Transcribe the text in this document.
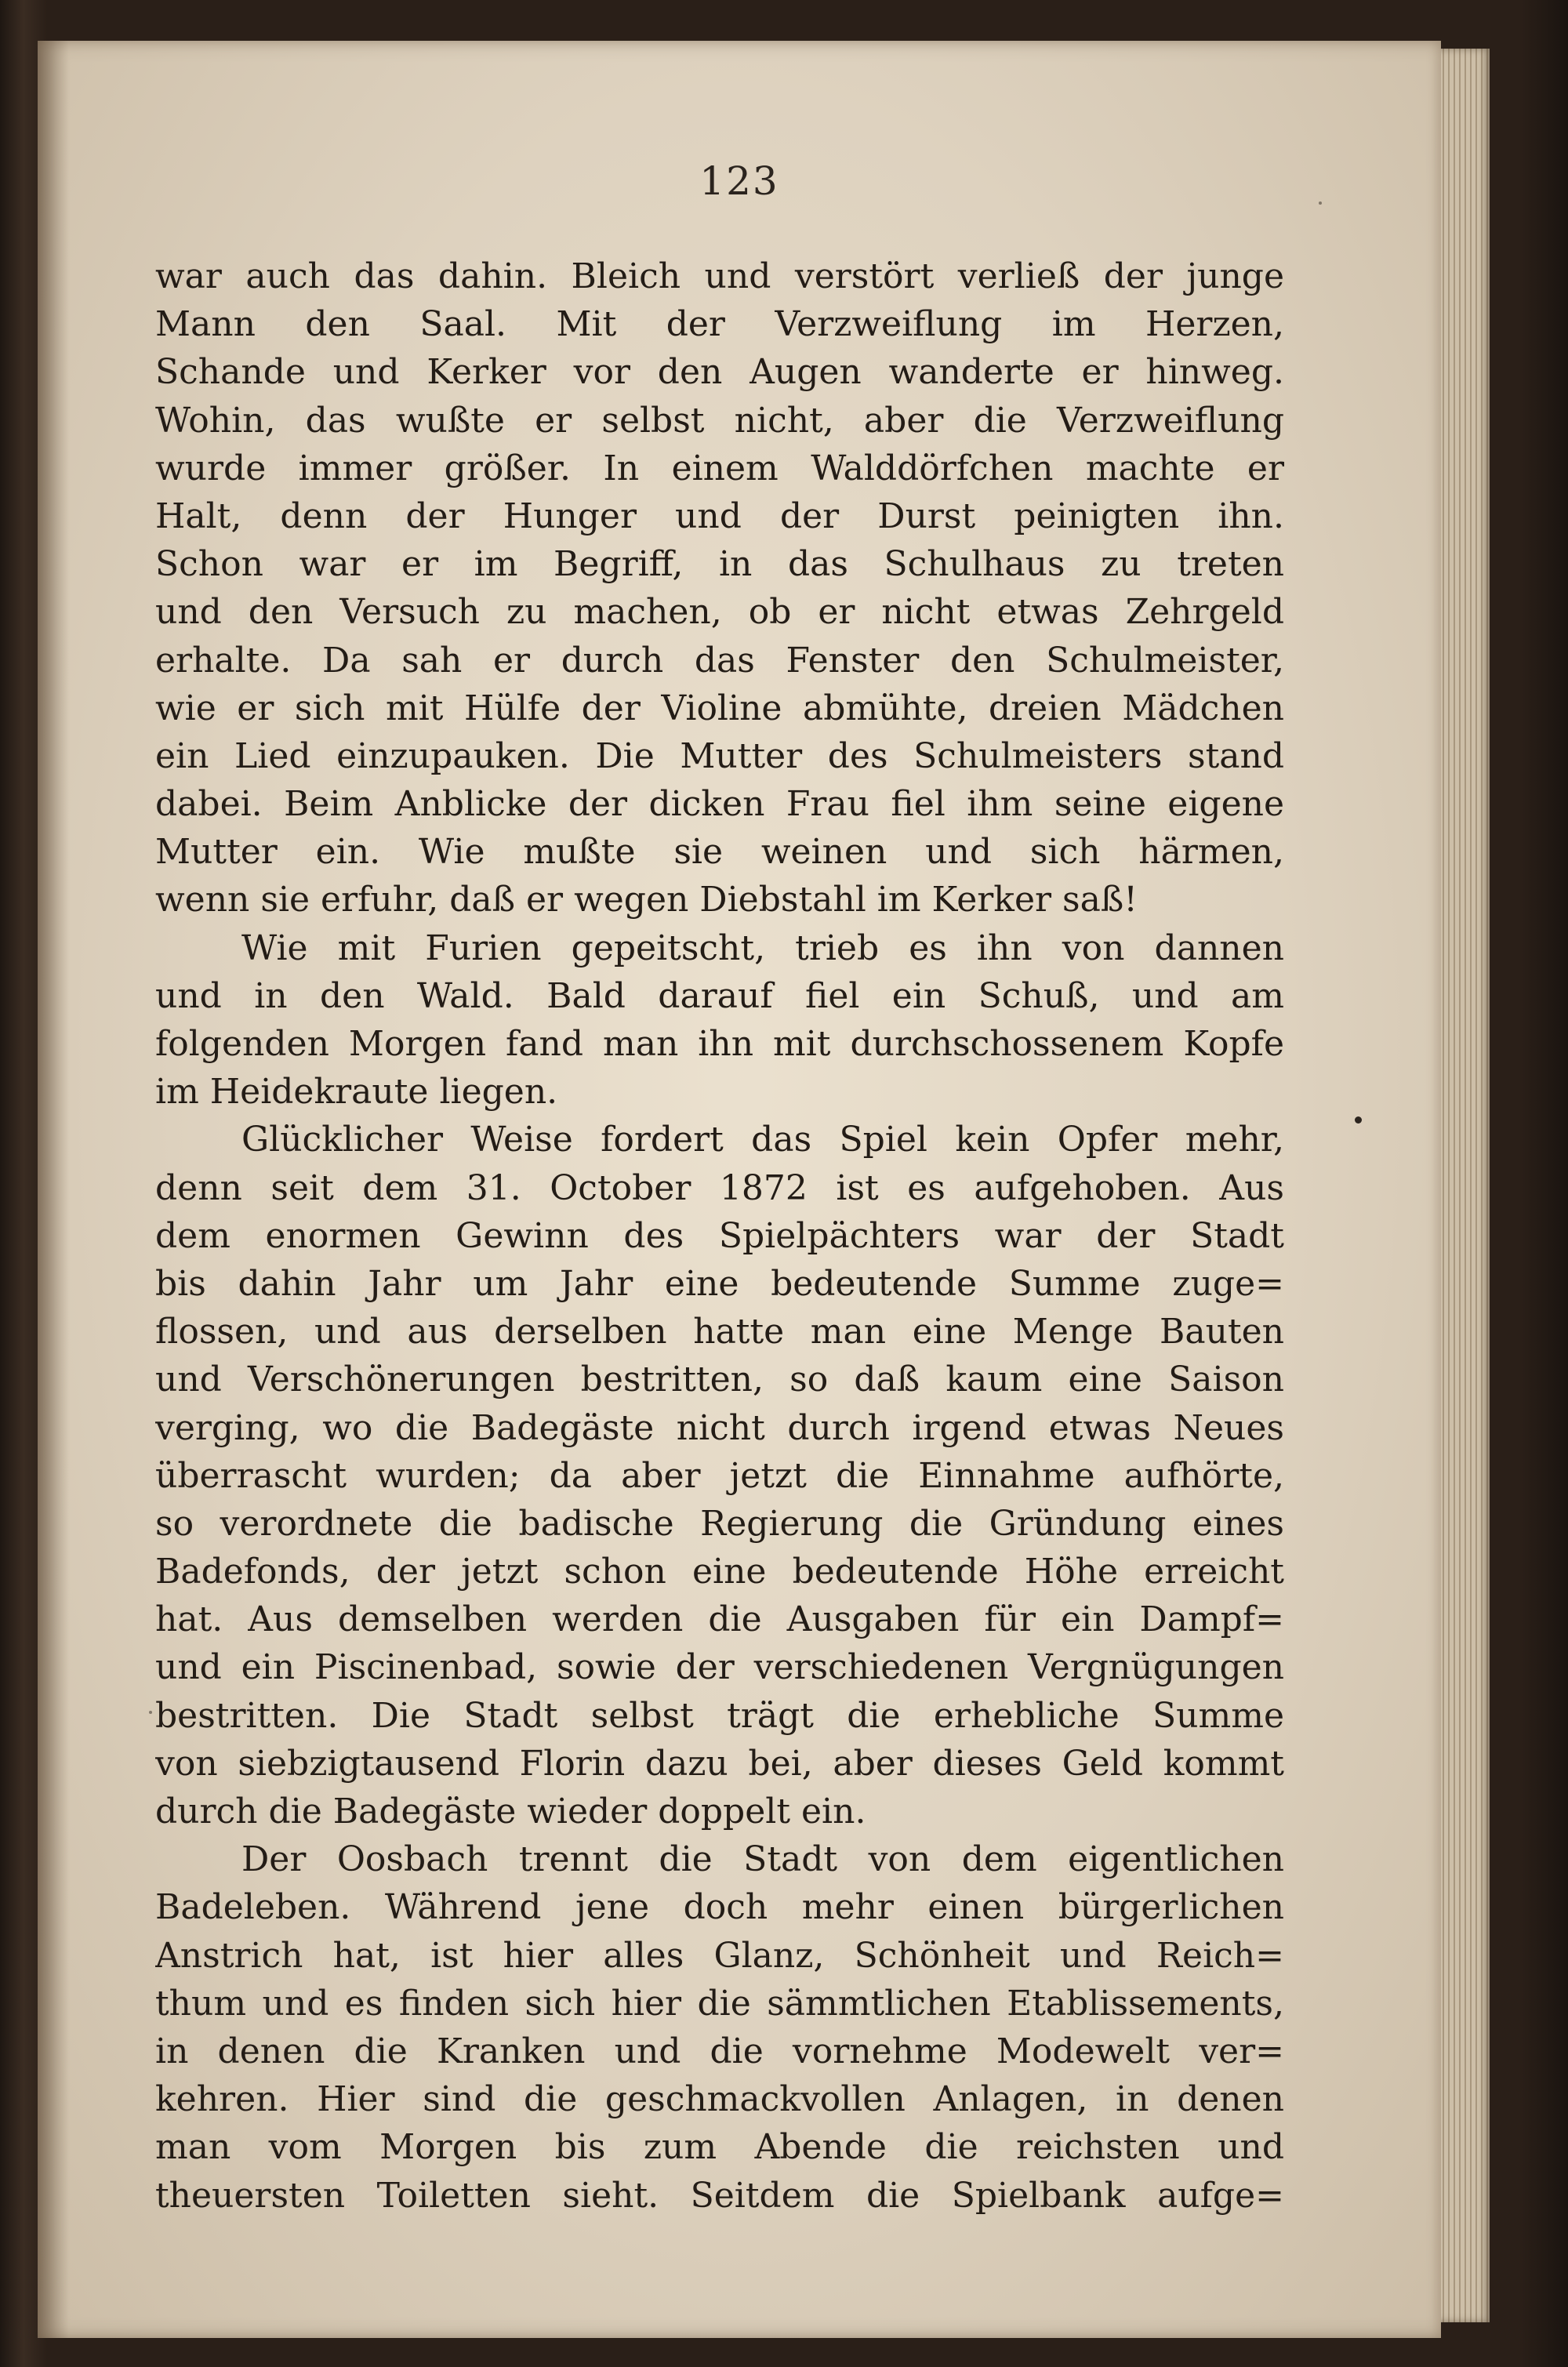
123
war auch das dahin. Bleich und verstört verließ der junge
Mann den Saal. Mit der Verzweiflung im Herzen,
Schande und Kerker vor den Augen wanderte er hinweg.
Wohin, das wußte er selbst nicht, aber die Verzweiflung
wurde immer größer. In einem Walddörfchen machte er
Halt, denn der Hunger und der Durst peinigten ihn.
Schon war er im Begriff, in das Schulhaus zu treten
und den Versuch zu machen, ob er nicht etwas Zehrgeld
erhalte. Da sah er durch das Fenster den Schulmeister,
wie er sich mit Hülfe der Violine abmühte, dreien Mädchen
ein Lied einzupauken. Die Mutter des Schulmeisters stand
dabei. Beim Anblicke der dicken Frau fiel ihm seine eigene
Mutter ein. Wie mußte sie weinen und sich härmen,
wenn sie erfuhr, daß er wegen Diebstahl im Kerker saß!
Wie mit Furien gepeitscht, trieb es ihn von dannen
und in den Wald. Bald darauf fiel ein Schuß, und am
folgenden Morgen fand man ihn mit durchschossenem Kopfe
im Heidekraute liegen.
Glücklicher Weise fordert das Spiel kein Opfer mehr,
denn seit dem 31. October 1872 ist es aufgehoben. Aus
dem enormen Gewinn des Spielpächters war der Stadt
bis dahin Jahr um Jahr eine bedeutende Summe zuge=
flossen, und aus derselben hatte man eine Menge Bauten
und Verschönerungen bestritten, so daß kaum eine Saison
verging, wo die Badegäste nicht durch irgend etwas Neues
überrascht wurden; da aber jetzt die Einnahme aufhörte,
so verordnete die badische Regierung die Gründung eines
Badefonds, der jetzt schon eine bedeutende Höhe erreicht
hat. Aus demselben werden die Ausgaben für ein Dampf=
und ein Piscinenbad, sowie der verschiedenen Vergnügungen
bestritten. Die Stadt selbst trägt die erhebliche Summe
von siebzigtausend Florin dazu bei, aber dieses Geld kommt
durch die Badegäste wieder doppelt ein.
Der Oosbach trennt die Stadt von dem eigentlichen
Badeleben. Während jene doch mehr einen bürgerlichen
Anstrich hat, ist hier alles Glanz, Schönheit und Reich=
thum und es finden sich hier die sämmtlichen Etablissements,
in denen die Kranken und die vornehme Modewelt ver=
kehren. Hier sind die geschmackvollen Anlagen, in denen
man vom Morgen bis zum Abende die reichsten und
theuersten Toiletten sieht. Seitdem die Spielbank aufge=
